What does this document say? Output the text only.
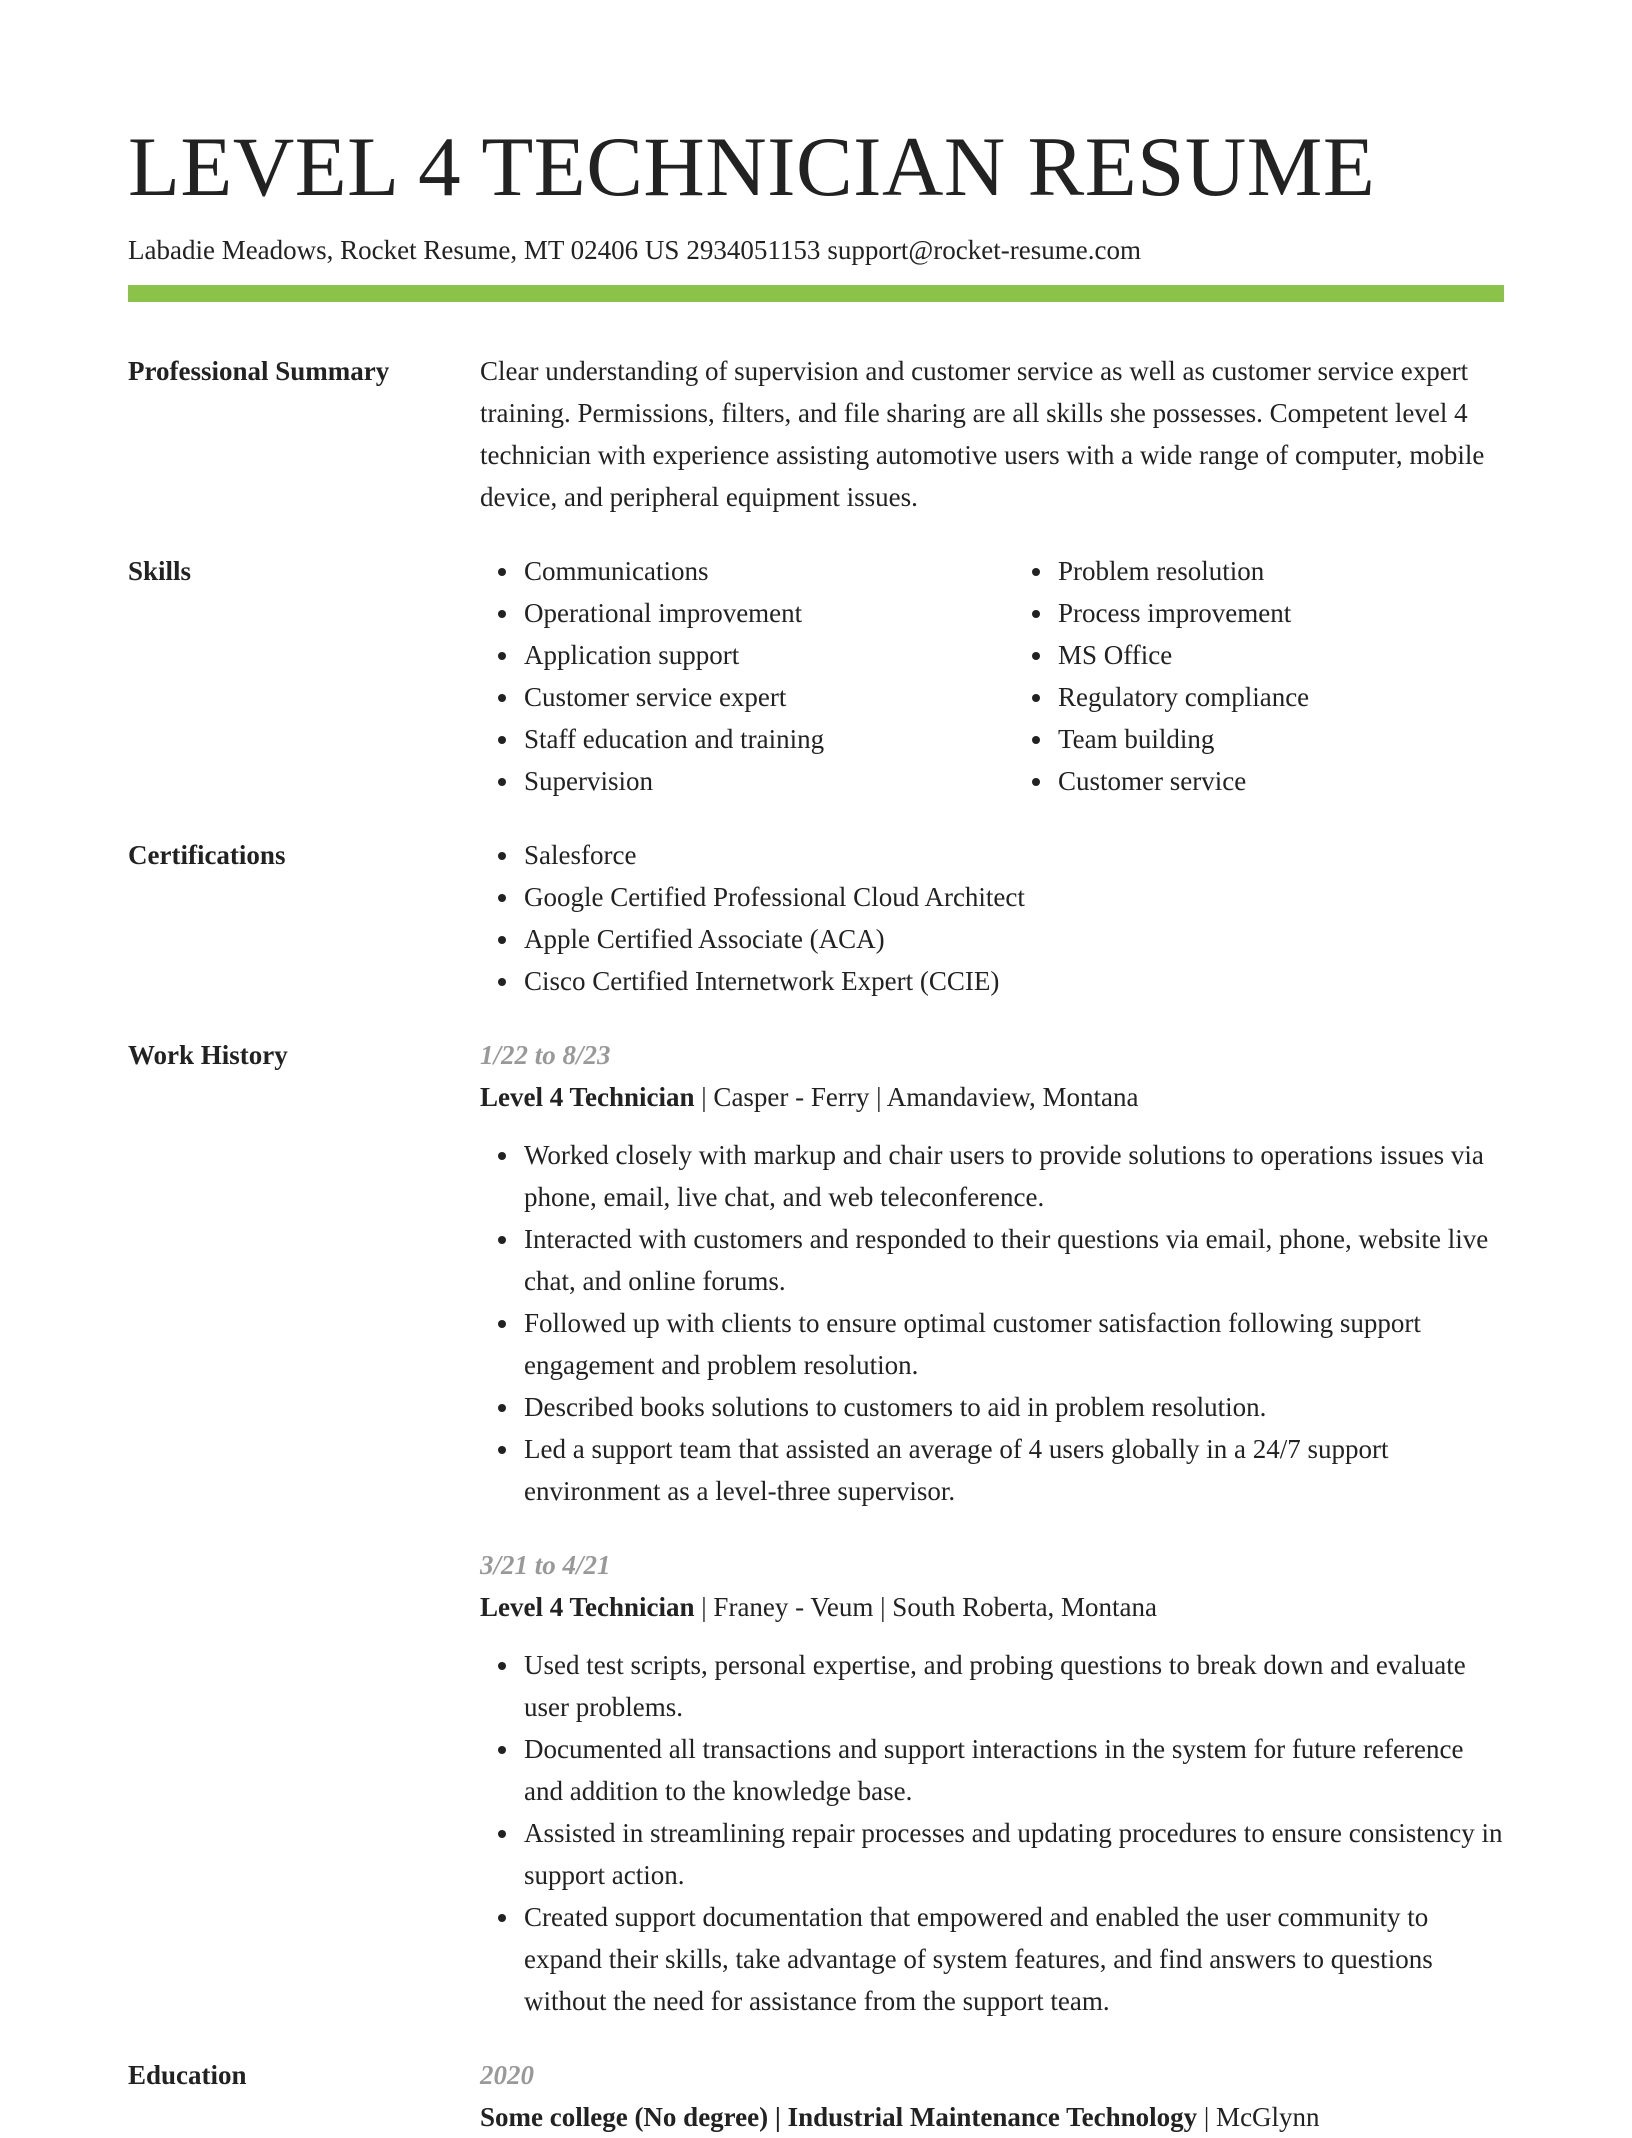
LEVEL 4 TECHNICIAN RESUME
Labadie Meadows, Rocket Resume, MT 02406 US 2934051153 support@rocket-resume.com
Professional Summary	Clear understanding of supervision and customer service as well as customer service expert training. Permissions, filters, and file sharing are all skills she possesses. Competent level 4 technician with experience assisting automotive users with a wide range of computer, mobile device, and peripheral equipment issues.

Skills	Communications
Operational improvement
Application support
Customer service expert
Staff education and training
Supervision
Problem resolution
Process improvement
MS Office
Regulatory compliance
Team building
Customer service
Certifications	Salesforce
Google Certified Professional Cloud Architect
Apple Certified Associate (ACA)
Cisco Certified Internetwork Expert (CCIE)
Work History	1/22 to 8/23
Level 4 Technician | Casper - Ferry | Amandaview, Montana
Worked closely with markup and chair users to provide solutions to operations issues via phone, email, live chat, and web teleconference.
Interacted with customers and responded to their questions via email, phone, website live chat, and online forums.
Followed up with clients to ensure optimal customer satisfaction following support engagement and problem resolution.
Described books solutions to customers to aid in problem resolution.
Led a support team that assisted an average of 4 users globally in a 24/7 support environment as a level-three supervisor.
3/21 to 4/21
Level 4 Technician | Franey - Veum | South Roberta, Montana
Used test scripts, personal expertise, and probing questions to break down and evaluate user problems.
Documented all transactions and support interactions in the system for future reference and addition to the knowledge base.
Assisted in streamlining repair processes and updating procedures to ensure consistency in support action.
Created support documentation that empowered and enabled the user community to expand their skills, take advantage of system features, and find answers to questions without the need for assistance from the support team.
Education	2020
Some college (No degree) | Industrial Maintenance Technology | McGlynn
